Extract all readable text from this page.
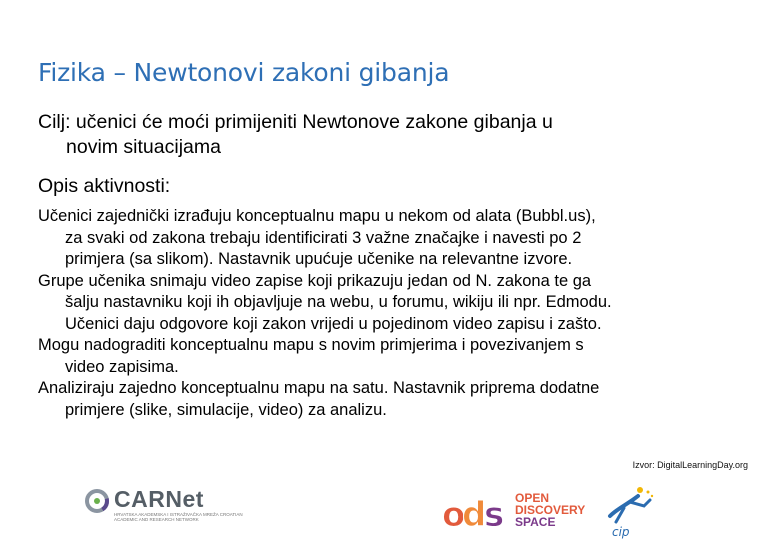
Fizika – Newtonovi zakoni gibanja
Cilj: učenici će moći primijeniti Newtonove zakone gibanja u
novim situacijama
Opis aktivnosti:
Učenici zajednički izrađuju konceptualnu mapu u nekom od alata (Bubbl.us),
za svaki od zakona trebaju identificirati 3 važne značajke i navesti po 2
primjera (sa slikom). Nastavnik upućuje učenike na relevantne izvore.
Grupe učenika snimaju video zapise koji prikazuju jedan od N. zakona te ga
šalju nastavniku koji ih objavljuje na webu, u forumu, wikiju ili npr. Edmodu.
Učenici daju odgovore koji zakon vrijedi u pojedinom video zapisu i zašto.
Mogu nadograditi konceptualnu mapu s novim primjerima i povezivanjem s
video zapisima.
Analiziraju zajedno konceptualnu mapu na satu. Nastavnik priprema dodatne
primjere (slike, simulacije, video) za analizu.
Izvor: DigitalLearningDay.org
CARNet
HRVATSKA AKADEMSKA I ISTRAŽIVAČKA MREŽA CROATIAN ACADEMIC AND RESEARCH NETWORK	o
d
s OPEN
DISCOVERY
SPACE
cip
